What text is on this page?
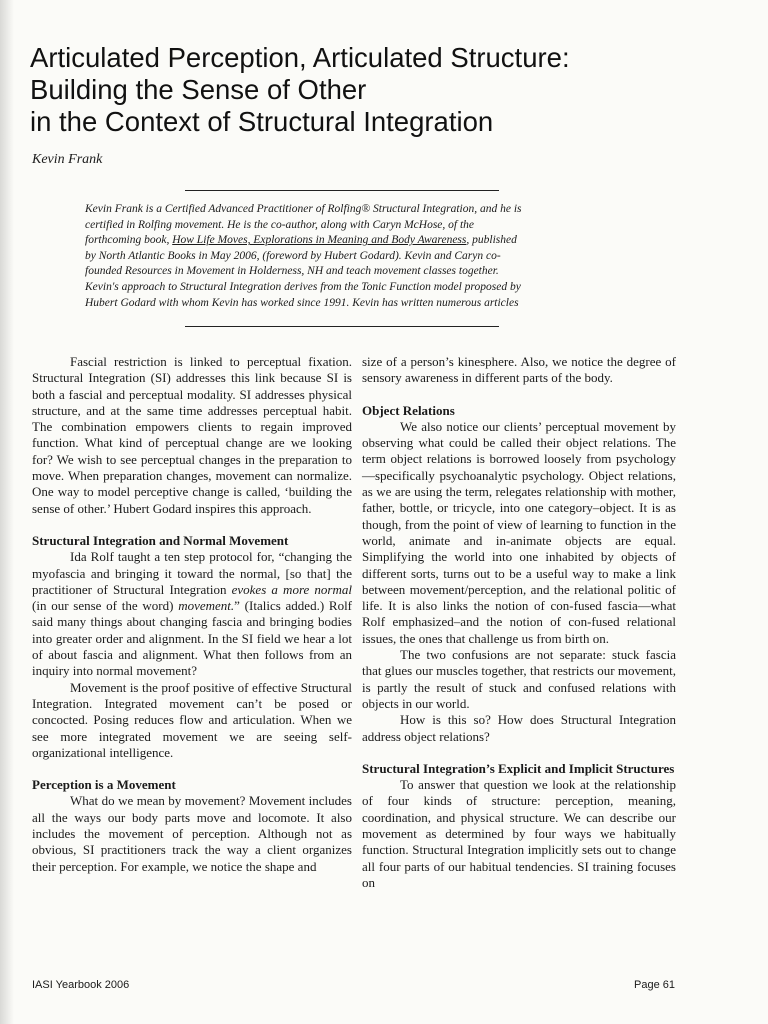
Articulated Perception, Articulated Structure:
Building the Sense of Other
in the Context of Structural Integration
Kevin Frank
Kevin Frank is a Certified Advanced Practitioner of Rolfing® Structural Integration, and he is
certified in Rolfing movement. He is the co-author, along with Caryn McHose, of the
forthcoming book, How Life Moves, Explorations in Meaning and Body Awareness, published
by North Atlantic Books in May 2006, (foreword by Hubert Godard). Kevin and Caryn co-
founded Resources in Movement in Holderness, NH and teach movement classes together.
Kevin's approach to Structural Integration derives from the Tonic Function model proposed by
Hubert Godard with whom Kevin has worked since 1991. Kevin has written numerous articles

Fascial restriction is linked to perceptual fixation. Structural Integration (SI) addresses this link because SI is both a fascial and perceptual modality. SI addresses physical structure, and at the same time addresses perceptual habit. The combination empowers clients to regain improved function. What kind of perceptual change are we looking for? We wish to see perceptual changes in the preparation to move. When preparation changes, movement can normalize. One way to model perceptive change is called, ‘building the sense of other.’ Hubert Godard inspires this approach.

Structural Integration and Normal Movement

Ida Rolf taught a ten step protocol for, “changing the myofascia and bringing it toward the normal, [so that] the practitioner of Structural Integration evokes a more normal (in our sense of the word) movement.” (Italics added.) Rolf said many things about changing fascia and bringing bodies into greater order and alignment. In the SI field we hear a lot of about fascia and alignment. What then follows from an inquiry into normal movement?

Movement is the proof positive of effective Structural Integration. Integrated movement can’t be posed or concocted. Posing reduces flow and articulation. When we see more integrated movement we are seeing self-organizational intelligence.

Perception is a Movement

What do we mean by movement? Movement includes all the ways our body parts move and locomote. It also includes the movement of perception. Although not as obvious, SI practitioners track the way a client organizes their perception. For example, we notice the shape and

size of a person’s kinesphere. Also, we notice the degree of sensory awareness in different parts of the body.

Object Relations

We also notice our clients’ perceptual movement by observing what could be called their object relations. The term object relations is borrowed loosely from psychology—specifically psychoanalytic psychology. Object relations, as we are using the term, relegates relationship with mother, father, bottle, or tricycle, into one category–object. It is as though, from the point of view of learning to function in the world, animate and in-animate objects are equal. Simplifying the world into one inhabited by objects of different sorts, turns out to be a useful way to make a link between movement/perception, and the relational politic of life. It is also links the notion of con-fused fascia—what Rolf emphasized–and the notion of con-fused relational issues, the ones that challenge us from birth on.

The two confusions are not separate: stuck fascia that glues our muscles together, that restricts our movement, is partly the result of stuck and confused relations with objects in our world.

How is this so? How does Structural Integration address object relations?

Structural Integration’s Explicit and Implicit Structures

To answer that question we look at the relationship of four kinds of structure: perception, meaning, coordination, and physical structure. We can describe our movement as determined by four ways we habitually function. Structural Integration implicitly sets out to change all four parts of our habitual tendencies. SI training focuses on

IASI Yearbook 2006	Page 61
